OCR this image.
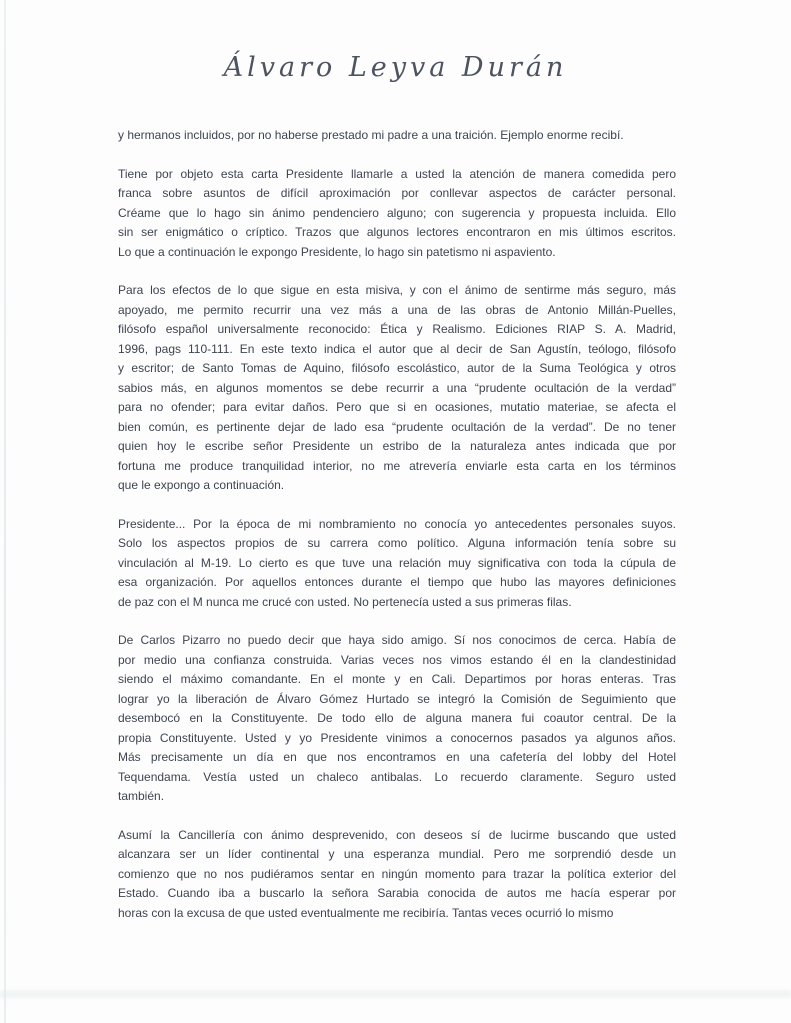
Álvaro Leyva Durán
y hermanos incluidos, por no haberse prestado mi padre a una traición. Ejemplo enorme recibí.
Tiene por objeto esta carta Presidente llamarle a usted la atención de manera comedida pero
franca sobre asuntos de difícil aproximación por conllevar aspectos de carácter personal.
Créame que lo hago sin ánimo pendenciero alguno; con sugerencia y propuesta incluida. Ello
sin ser enigmático o críptico. Trazos que algunos lectores encontraron en mis últimos escritos.
Lo que a continuación le expongo Presidente, lo hago sin patetismo ni aspaviento.
Para los efectos de lo que sigue en esta misiva, y con el ánimo de sentirme más seguro, más
apoyado, me permito recurrir una vez más a una de las obras de Antonio Millán-Puelles,
filósofo español universalmente reconocido: Ética y Realismo. Ediciones RIAP S. A. Madrid,
1996, pags 110-111. En este texto indica el autor que al decir de San Agustín, teólogo, filósofo
y escritor; de Santo Tomas de Aquino, filósofo escolástico, autor de la Suma Teológica y otros
sabios más, en algunos momentos se debe recurrir a una “prudente ocultación de la verdad”
para no ofender; para evitar daños. Pero que si en ocasiones, mutatio materiae, se afecta el
bien común, es pertinente dejar de lado esa “prudente ocultación de la verdad”. De no tener
quien hoy le escribe señor Presidente un estribo de la naturaleza antes indicada que por
fortuna me produce tranquilidad interior, no me atrevería enviarle esta carta en los términos
que le expongo a continuación.
Presidente... Por la época de mi nombramiento no conocía yo antecedentes personales suyos.
Solo los aspectos propios de su carrera como político. Alguna información tenía sobre su
vinculación al M-19. Lo cierto es que tuve una relación muy significativa con toda la cúpula de
esa organización. Por aquellos entonces durante el tiempo que hubo las mayores definiciones
de paz con el M nunca me crucé con usted. No pertenecía usted a sus primeras filas.
De Carlos Pizarro no puedo decir que haya sido amigo. Sí nos conocimos de cerca. Había de
por medio una confianza construida. Varias veces nos vimos estando él en la clandestinidad
siendo el máximo comandante. En el monte y en Cali. Departimos por horas enteras. Tras
lograr yo la liberación de Álvaro Gómez Hurtado se integró la Comisión de Seguimiento que
desembocó en la Constituyente. De todo ello de alguna manera fui coautor central. De la
propia Constituyente. Usted y yo Presidente vinimos a conocernos pasados ya algunos años.
Más precisamente un día en que nos encontramos en una cafetería del lobby del Hotel
Tequendama. Vestía usted un chaleco antibalas. Lo recuerdo claramente. Seguro usted
también.
Asumí la Cancillería con ánimo desprevenido, con deseos sí de lucirme buscando que usted
alcanzara ser un líder continental y una esperanza mundial. Pero me sorprendió desde un
comienzo que no nos pudiéramos sentar en ningún momento para trazar la política exterior del
Estado. Cuando iba a buscarlo la señora Sarabia conocida de autos me hacía esperar por
horas con la excusa de que usted eventualmente me recibiría. Tantas veces ocurrió lo mismo
